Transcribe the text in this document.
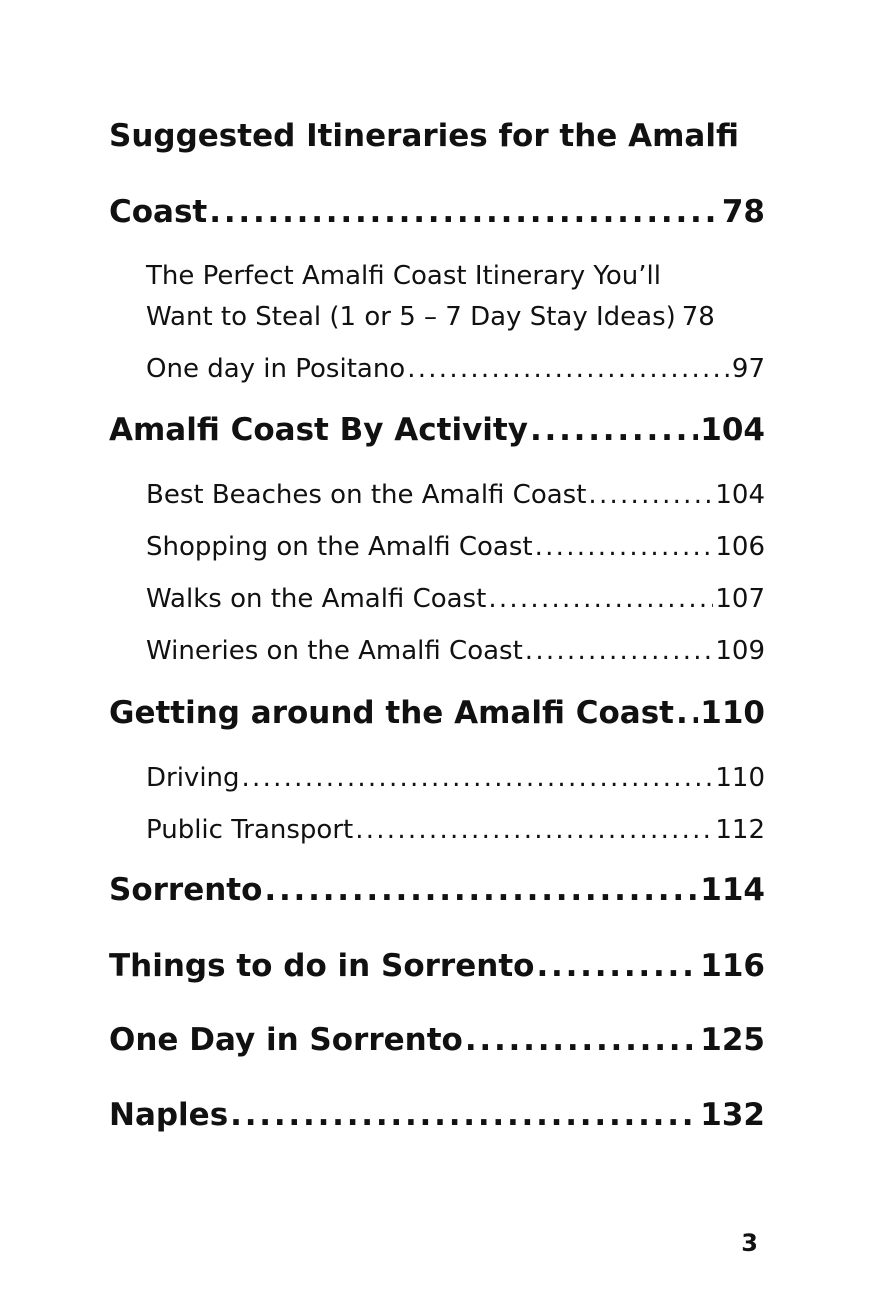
Suggested Itineraries for the Amalfi
Coast . . .	78
The Perfect Amalfi Coast Itinerary You’ll
Want to Steal (1 or 5 – 7 Day Stay Ideas) 78
One day in Positano . . .	97
Amalfi Coast By Activity . . .	104
Best Beaches on the Amalfi Coast . . .	104
Shopping on the Amalfi Coast . . .	106
Walks on the Amalfi Coast . . .	107
Wineries on the Amalfi Coast . . .	109
Getting around the Amalfi Coast . . . 110
Driving . . .	110
Public Transport . . .	112
Sorrento . . .	114
Things to do in Sorrento . . .	116
One Day in Sorrento . . .	125
Naples . . .	132
3
